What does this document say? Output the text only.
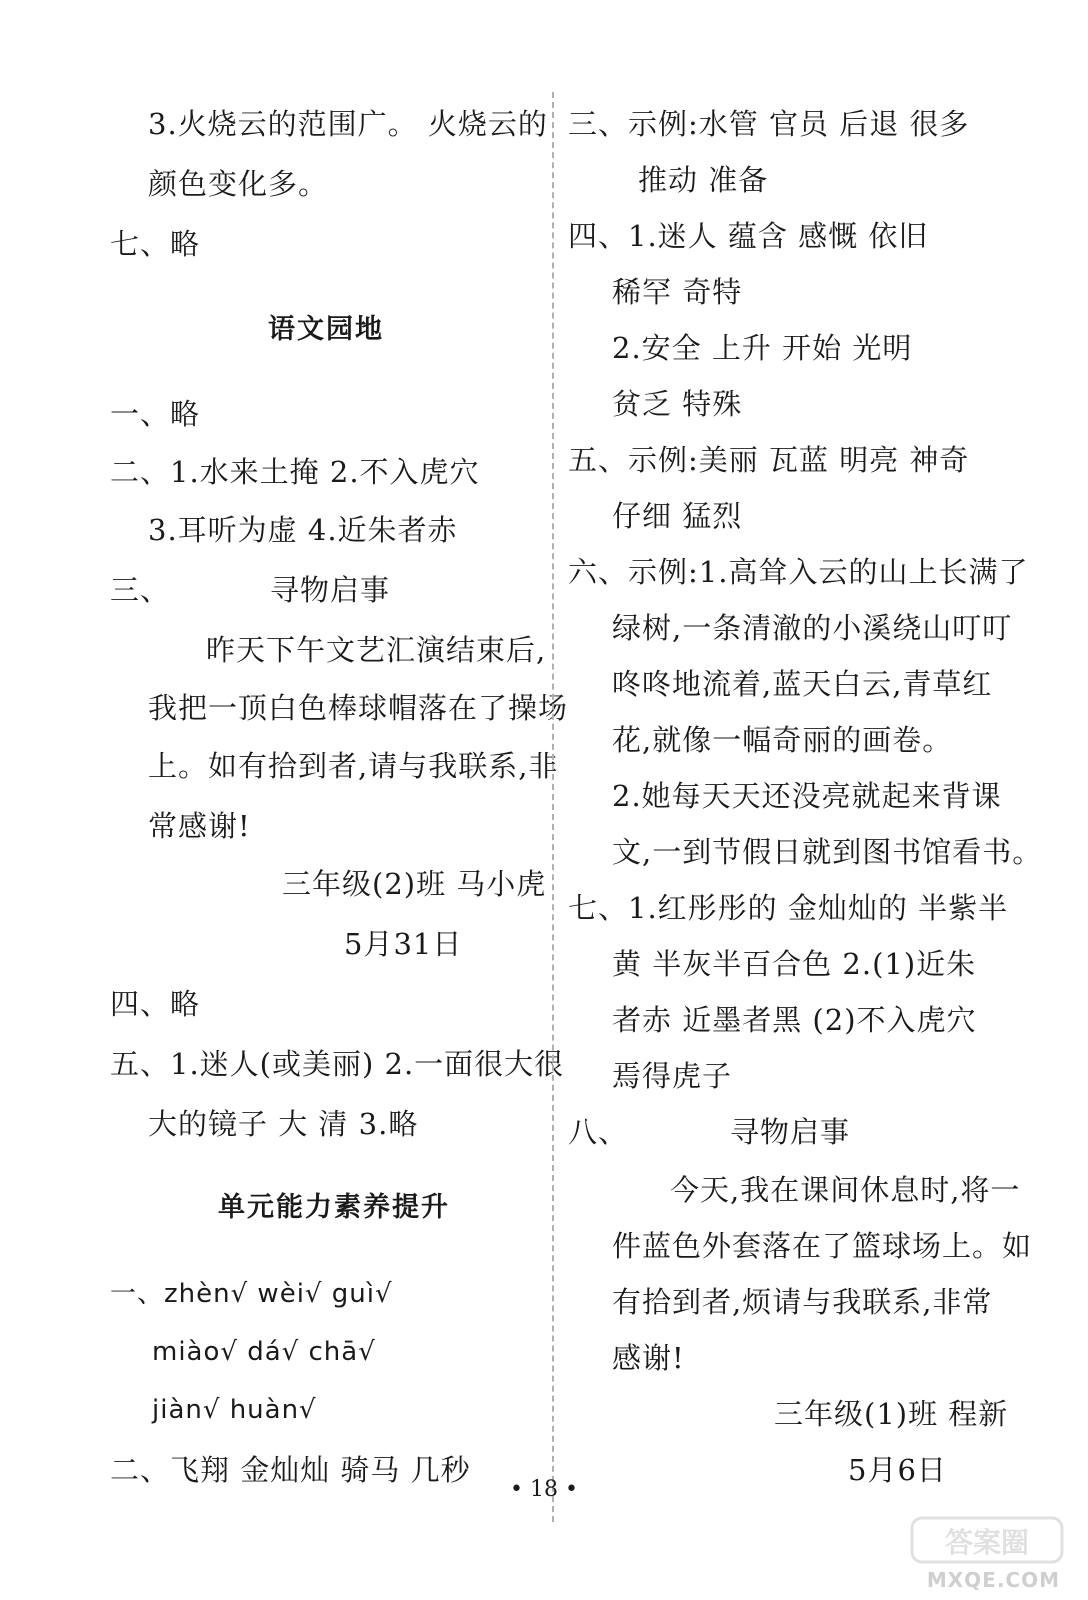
3.火烧云的范围广。 火烧云的
颜色变化多。
七、略
语文园地
一、略
二、1.水来土掩 2.不入虎穴
3.耳听为虚 4.近朱者赤
三、	寻物启事
昨天下午文艺汇演结束后,
我把一顶白色棒球帽落在了操场
上。如有拾到者,请与我联系,非
常感谢!
三年级(2)班 马小虎
5月31日
四、略
五、1.迷人(或美丽) 2.一面很大很
大的镜子 大 清 3.略
单元能力素养提升
一、zhèn√ wèi√ guì√
miào√ dá√ chā√
jiàn√ huàn√
二、飞翔 金灿灿 骑马 几秒
三、示例:水管 官员 后退 很多
推动 准备
四、1.迷人 蕴含 感慨 依旧
稀罕 奇特
2.安全 上升 开始 光明
贫乏 特殊
五、示例:美丽 瓦蓝 明亮 神奇
仔细 猛烈
六、示例:1.高耸入云的山上长满了
绿树,一条清澈的小溪绕山叮叮
咚咚地流着,蓝天白云,青草红
花,就像一幅奇丽的画卷。
2.她每天天还没亮就起来背课
文,一到节假日就到图书馆看书。
七、1.红彤彤的 金灿灿的 半紫半
黄 半灰半百合色 2.(1)近朱
者赤 近墨者黑 (2)不入虎穴
焉得虎子
八、	寻物启事
今天,我在课间休息时,将一
件蓝色外套落在了篮球场上。如
有拾到者,烦请与我联系,非常
感谢!
三年级(1)班 程新
5月6日
• 18 •
答案圈
MXQE.COM
